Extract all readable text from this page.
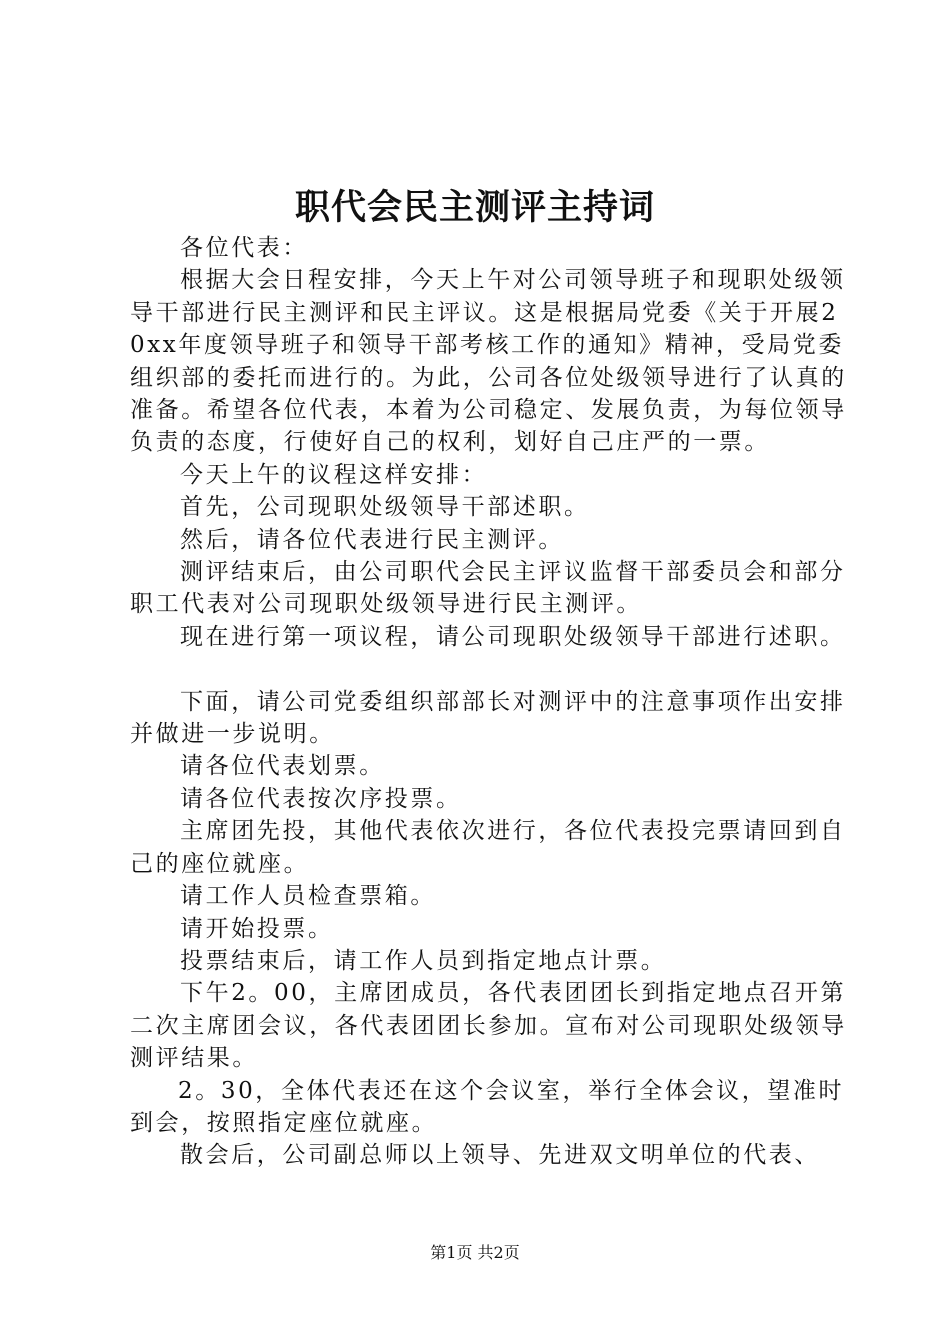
职代会民主测评主持词

各位代表：

根据大会日程安排，今天上午对公司领导班子和现职处级领导干部进行民主测评和民主评议。这是根据局党委《关于开展20xx年度领导班子和领导干部考核工作的通知》精神，受局党委组织部的委托而进行的。为此，公司各位处级领导进行了认真的准备。希望各位代表，本着为公司稳定、发展负责，为每位领导负责的态度，行使好自己的权利，划好自己庄严的一票。

今天上午的议程这样安排：

首先，公司现职处级领导干部述职。

然后，请各位代表进行民主测评。

测评结束后，由公司职代会民主评议监督干部委员会和部分职工代表对公司现职处级领导进行民主测评。

现在进行第一项议程，请公司现职处级领导干部进行述职。

下面，请公司党委组织部部长对测评中的注意事项作出安排并做进一步说明。

请各位代表划票。

请各位代表按次序投票。

主席团先投，其他代表依次进行，各位代表投完票请回到自己的座位就座。

请工作人员检查票箱。

请开始投票。

投票结束后，请工作人员到指定地点计票。

下午2。00，主席团成员，各代表团团长到指定地点召开第二次主席团会议，各代表团团长参加。宣布对公司现职处级领导测评结果。

2。30，全体代表还在这个会议室，举行全体会议，望准时到会，按照指定座位就座。

散会后，公司副总师以上领导、先进双文明单位的代表、

第1页 共2页
